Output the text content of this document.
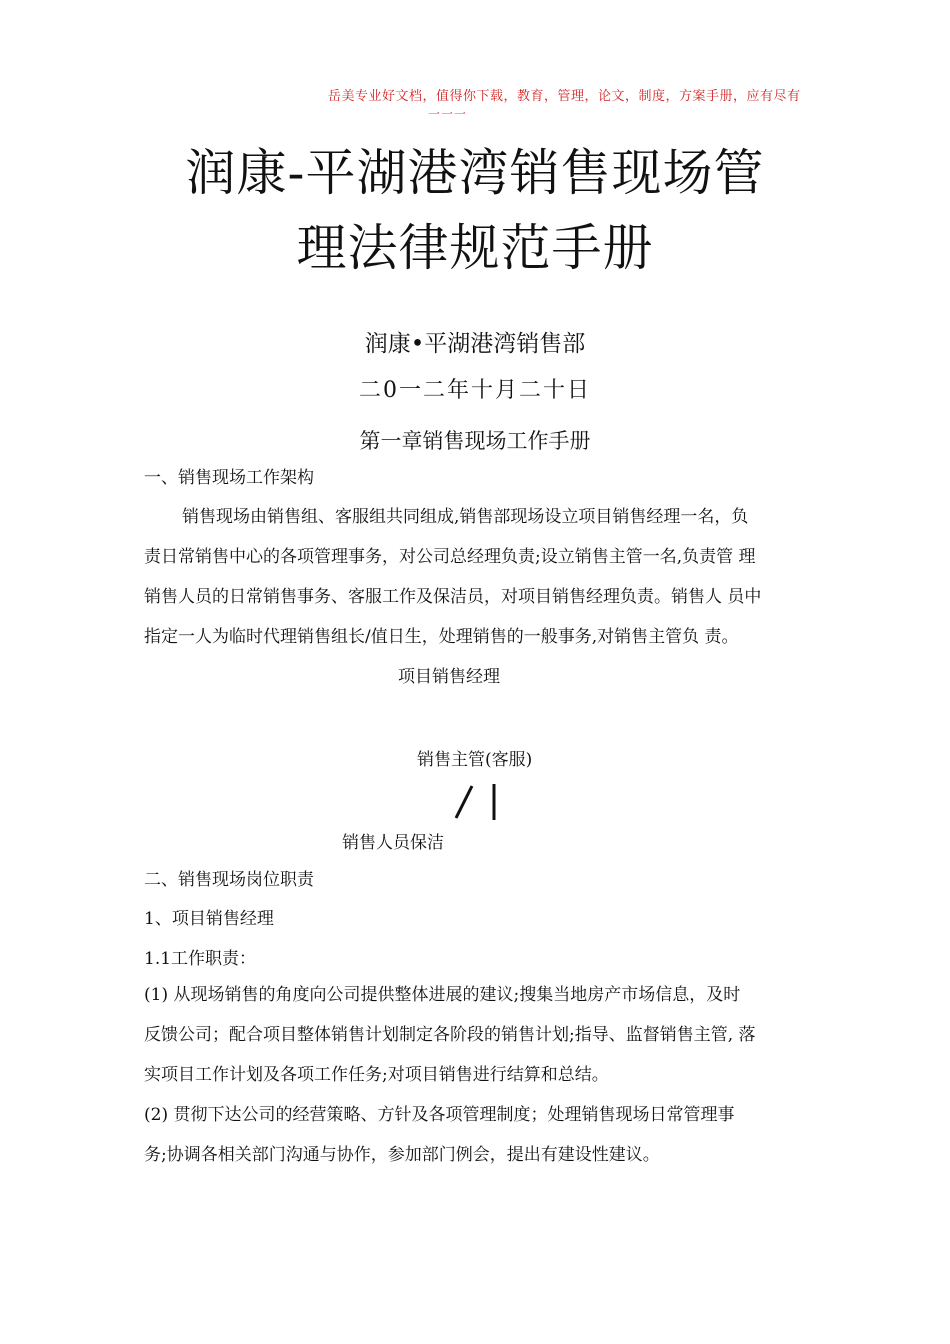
岳美专业好文档，值得你下载，教育，管理，论文，制度，方案手册，应有尽有
一一一
润康-平湖港湾销售现场管
理法律规范手册
润康•平湖港湾销售部
二0一二年十月二十日
第一章销售现场工作手册
一、销售现场工作架构
销售现场由销售组、客服组共同组成,销售部现场设立项目销售经理一名，负
责日常销售中心的各项管理事务，对公司总经理负责;设立销售主管一名,负责管 理
销售人员的日常销售事务、客服工作及保洁员，对项目销售经理负责。销售人 员中
指定一人为临时代理销售组长/值日生，处理销售的一般事务,对销售主管负 责。
项目销售经理
销售主管(客服)
销售人员保洁
二、销售现场岗位职责
1、项目销售经理
1.1工作职责：
(1) 从现场销售的角度向公司提供整体进展的建议;搜集当地房产市场信息，及时
反馈公司；配合项目整体销售计划制定各阶段的销售计划;指导、监督销售主管, 落
实项目工作计划及各项工作任务;对项目销售进行结算和总结。
(2) 贯彻下达公司的经营策略、方针及各项管理制度；处理销售现场日常管理事
务;协调各相关部门沟通与协作，参加部门例会，提出有建设性建议。
